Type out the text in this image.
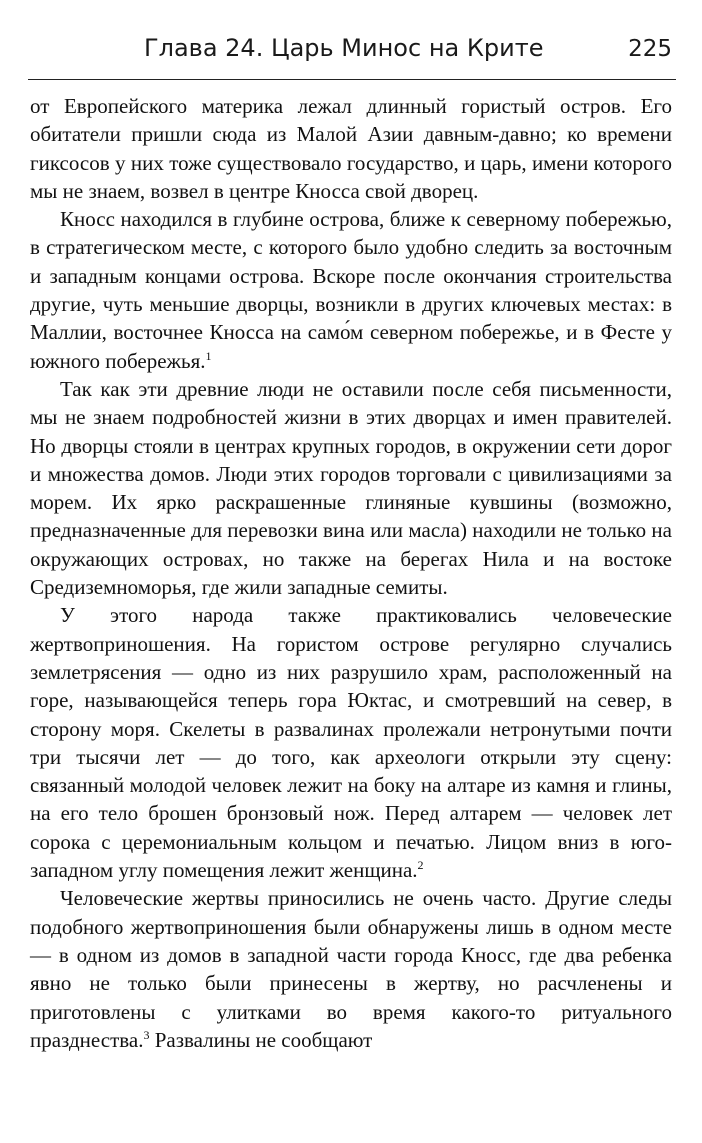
Глава 24. Царь Минос на Крите	225

от Европейского материка лежал длинный гористый остров. Его обитатели пришли сюда из Малой Азии давным-давно; ко времени гиксосов у них тоже существовало государство, и царь, имени которого мы не знаем, возвел в центре Кносса свой дворец.

Кносс находился в глубине острова, ближе к северному побережью, в стратегическом месте, с которого было удобно следить за восточным и западным концами острова. Вскоре после окончания строительства другие, чуть меньшие дворцы, возникли в других ключевых местах: в Маллии, восточнее Кносса на само́м северном побережье, и в Фесте у южного побережья.$^1$

Так как эти древние люди не оставили после себя письменности, мы не знаем подробностей жизни в этих дворцах и имен правителей. Но дворцы стояли в центрах крупных городов, в окружении сети дорог и множества домов. Люди этих городов торговали с цивилизациями за морем. Их ярко раскрашенные глиняные кувшины (возможно, предназначенные для перевозки вина или масла) находили не только на окружающих островах, но также на берегах Нила и на востоке Средиземноморья, где жили западные семиты.

У этого народа также практиковались человеческие жертвоприношения. На гористом острове регулярно случались землетрясения — одно из них разрушило храм, расположенный на горе, называющейся теперь гора Юктас, и смотревший на север, в сторону моря. Скелеты в развалинах пролежали нетронутыми почти три тысячи лет — до того, как археологи открыли эту сцену: связанный молодой человек лежит на боку на алтаре из камня и глины, на его тело брошен бронзовый нож. Перед алтарем — человек лет сорока с церемониальным кольцом и печатью. Лицом вниз в юго-западном углу помещения лежит женщина.$^2$

Человеческие жертвы приносились не очень часто. Другие следы подобного жертвоприношения были обнаружены лишь в одном месте — в одном из домов в западной части города Кносс, где два ребенка явно не только были принесены в жертву, но расчленены и приготовлены с улитками во время какого-то ритуального празднества.$^3$ Развалины не сообщают
